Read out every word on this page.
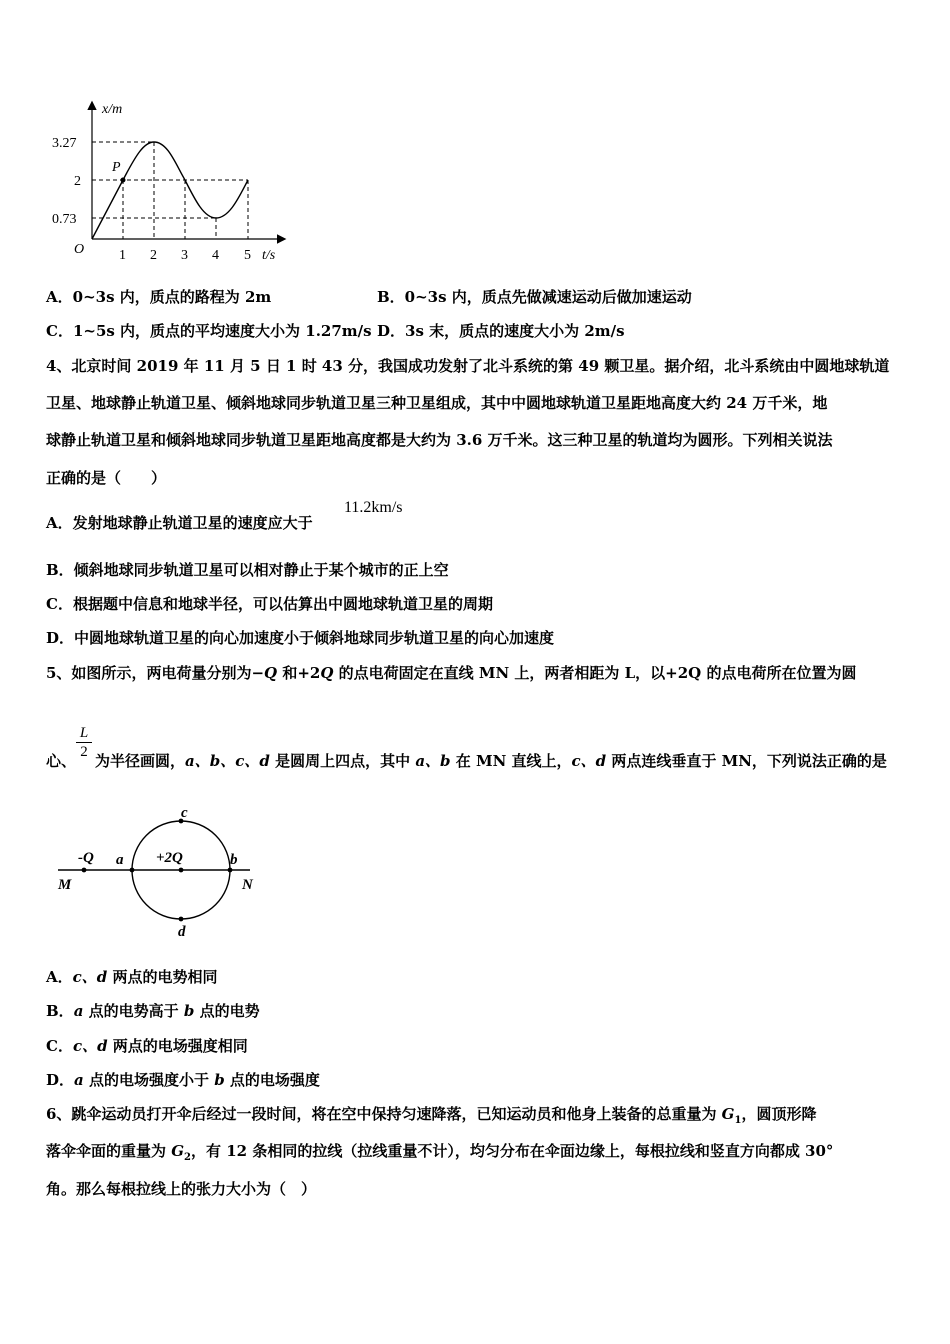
x/m
3.27
2
0.73
O
P
1 2 3 4 5 t/s
A．0~3s 内，质点的路程为 2m	B．0~3s 内，质点先做减速运动后做加速运动
C．1~5s 内，质点的平均速度大小为 1.27m/s D．3s 末，质点的速度大小为 2m/s
4、北京时间 2019 年 11 月 5 日 1 时 43 分，我国成功发射了北斗系统的第 49 颗卫星。据介绍，北斗系统由中圆地球轨道
卫星、地球静止轨道卫星、倾斜地球同步轨道卫星三种卫星组成，其中中圆地球轨道卫星距地高度大约 24 万千米，地
球静止轨道卫星和倾斜地球同步轨道卫星距地高度都是大约为 3.6 万千米。这三种卫星的轨道均为圆形。下列相关说法
正确的是（　　）
A．发射地球静止轨道卫星的速度应大于
11.2km/s
B．倾斜地球同步轨道卫星可以相对静止于某个城市的正上空
C．根据题中信息和地球半径，可以估算出中圆地球轨道卫星的周期
D．中圆地球轨道卫星的向心加速度小于倾斜地球同步轨道卫星的向心加速度
5、如图所示，两电荷量分别为−Q 和+2Q 的点电荷固定在直线 MN 上，两者相距为 L，以+2Q 的点电荷所在位置为圆
$\frac{L}{2}$
心、 为半径画圆，a、b、c、d 是圆周上四点，其中 a、b 在 MN 直线上，c、d 两点连线垂直于 MN，下列说法正确的是
-Q a +2Q	b
c
d
M	N
A．c、d 两点的电势相同
B．a 点的电势高于 b 点的电势
C．c、d 两点的电场强度相同
D．a 点的电场强度小于 b 点的电场强度
6、跳伞运动员打开伞后经过一段时间，将在空中保持匀速降落，已知运动员和他身上装备的总重量为 $G_1$，圆顶形降
落伞伞面的重量为 $G_2$，有 12 条相同的拉线（拉线重量不计），均匀分布在伞面边缘上，每根拉线和竖直方向都成 30°
角。那么每根拉线上的张力大小为（　）
